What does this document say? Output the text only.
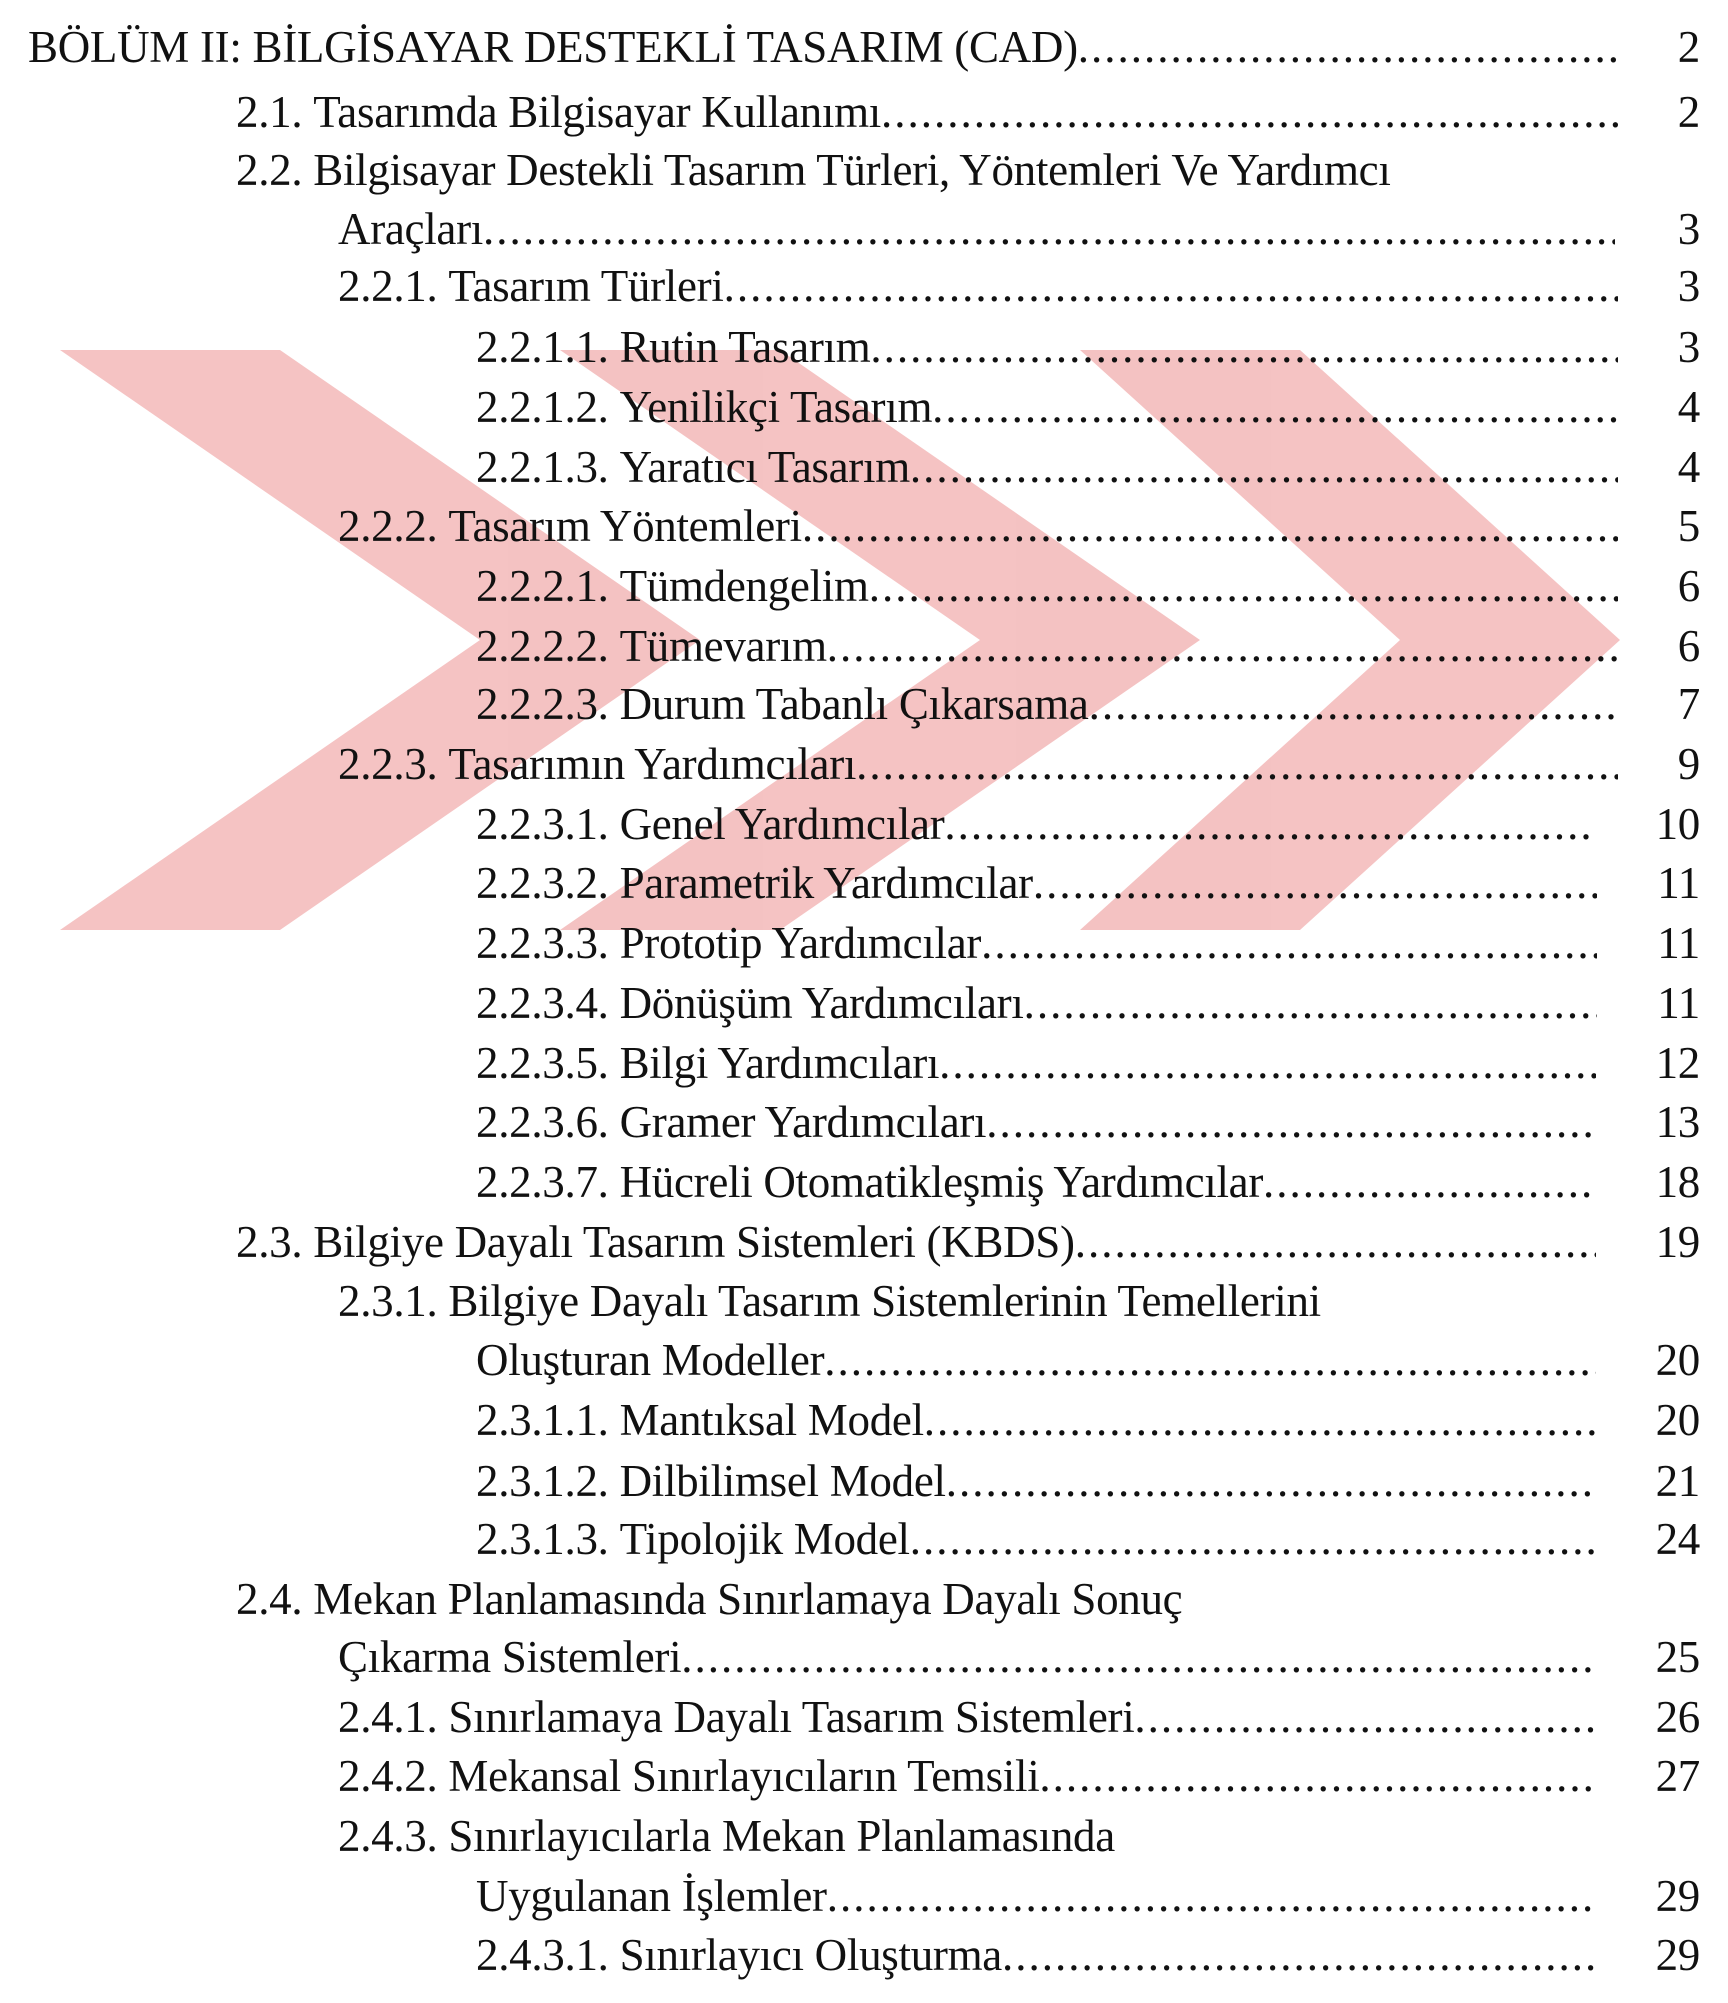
BÖLÜM II: BİLGİSAYAR DESTEKLİ TASARIM (CAD) .....	2
2.1. Tasarımda Bilgisayar Kullanımı .....	2
2.2. Bilgisayar Destekli Tasarım Türleri, Yöntemleri Ve Yardımcı
Araçları .....	3
2.2.1. Tasarım Türleri .....	3
2.2.1.1. Rutin Tasarım .....	3
2.2.1.2. Yenilikçi Tasarım .....	4
2.2.1.3. Yaratıcı Tasarım .....	4
2.2.2. Tasarım Yöntemleri .....	5
2.2.2.1. Tümdengelim .....	6
2.2.2.2. Tümevarım .....	6
2.2.2.3. Durum Tabanlı Çıkarsama .....	7
2.2.3. Tasarımın Yardımcıları .....	9
2.2.3.1. Genel Yardımcılar .....	10
2.2.3.2. Parametrik Yardımcılar .....	11
2.2.3.3. Prototip Yardımcılar .....	11
2.2.3.4. Dönüşüm Yardımcıları .....	11
2.2.3.5. Bilgi Yardımcıları .....	12
2.2.3.6. Gramer Yardımcıları .....	13
2.2.3.7. Hücreli Otomatikleşmiş Yardımcılar .....	18
2.3. Bilgiye Dayalı Tasarım Sistemleri (KBDS) .....	19
2.3.1. Bilgiye Dayalı Tasarım Sistemlerinin Temellerini
Oluşturan Modeller .....	20
2.3.1.1. Mantıksal Model .....	20
2.3.1.2. Dilbilimsel Model .....	21
2.3.1.3. Tipolojik Model .....	24
2.4. Mekan Planlamasında Sınırlamaya Dayalı Sonuç
Çıkarma Sistemleri .....	25
2.4.1. Sınırlamaya Dayalı Tasarım Sistemleri .....	26
2.4.2. Mekansal Sınırlayıcıların Temsili .....	27
2.4.3. Sınırlayıcılarla Mekan Planlamasında
Uygulanan İşlemler .....	29
2.4.3.1. Sınırlayıcı Oluşturma .....	29
